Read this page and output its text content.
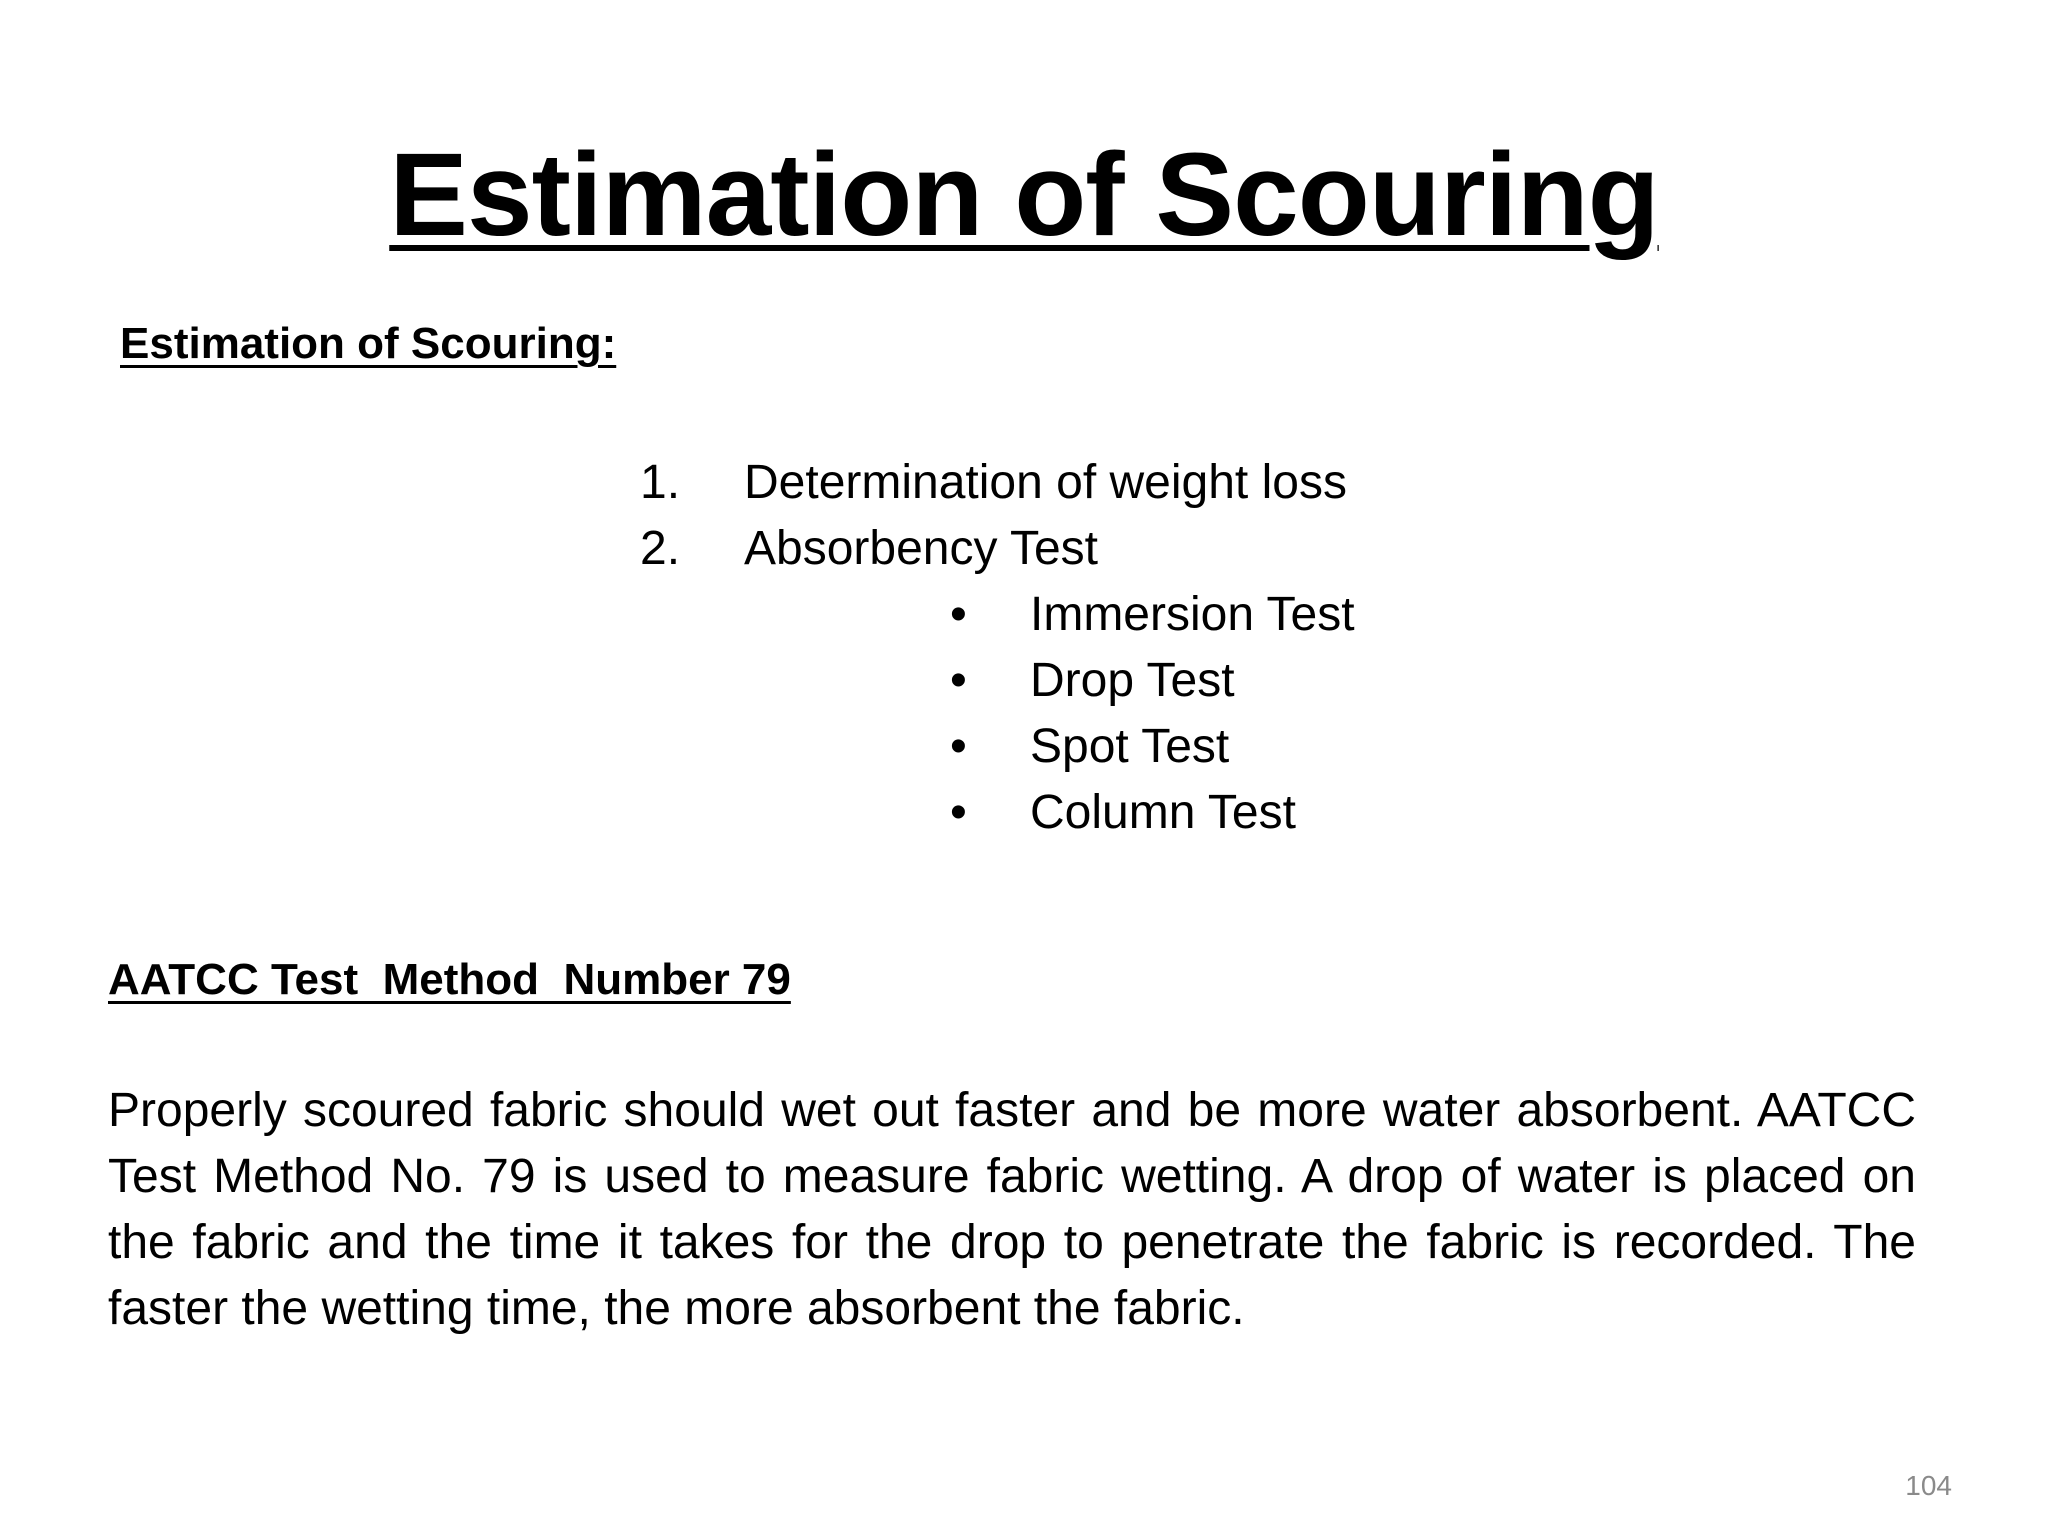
Estimation of Scouring
Estimation of Scouring:
1.	Determination of weight loss
2.	Absorbency Test
•	Immersion Test
•	Drop Test
•	Spot Test
•	Column Test
AATCC Test  Method  Number 79

Properly scoured fabric should wet out faster and be more water absorbent. AATCC Test Method No. 79 is used to measure fabric wetting. A drop of water is placed on the fabric and the time it takes for the drop to penetrate the fabric is recorded. The faster the wetting time, the more absorbent the fabric.

104
